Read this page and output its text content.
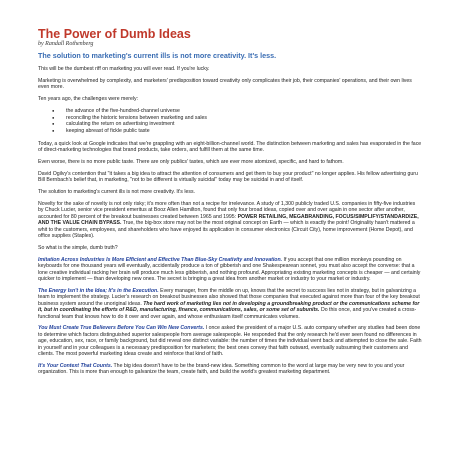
The Power of Dumb Ideas
by Randall Rothenberg
The solution to marketing's current ills is not more creativity. It's less.

This will be the dumbest riff on marketing you will ever read. If you're lucky.

Marketing is overwhelmed by complexity, and marketers' predisposition toward creativity only complicates their job, their companies' operations, and their own lives even more.

Ten years ago, the challenges were merely:

● the advance of the five-hundred-channel universe
● reconciling the historic tensions between marketing and sales
● calculating the return on advertising investment
● keeping abreast of fickle public taste

Today, a quick look at Google indicates that we're grappling with an eight-billion-channel world. The distinction between marketing and sales has evaporated in the face of direct-marketing technologies that brand products, take orders, and fulfill them at the same time.

Even worse, there is no more public taste. There are only publics' tastes, which are ever more atomized, specific, and hard to fathom.

David Ogilvy's contention that "it takes a big idea to attract the attention of consumers and get them to buy your product" no longer applies. His fellow advertising guru Bill Bernbach's belief that, in marketing, "not to be different is virtually suicidal" today may be suicidal in and of itself.

The solution to marketing's current ills is not more creativity. It's less.

Novelty for the sake of novelty is not only risky; it's more often than not a recipe for irrelevance. A study of 1,300 publicly traded U.S. companies in fifty-five industries by Chuck Lucier, senior vice president emeritus at Booz Allen Hamilton, found that only four broad ideas, copied over and over again in one sector after another, accounted for 80 percent of the breakout businesses created between 1965 and 1995: POWER RETAILING, MEGABRANDING, FOCUS/SIMPLIFY/STANDARDIZE, AND THE VALUE CHAIN BYPASS. True, the big-box store may not be the most original concept on Earth — which is exactly the point! Originality hasn't mattered a whit to the customers, employees, and shareholders who have enjoyed its application in consumer electronics (Circuit City), home improvement (Home Depot), and office supplies (Staples).

So what is the simple, dumb truth?

Imitation Across Industries Is More Efficient and Effective Than Blue-Sky Creativity and Innovation. If you accept that one million monkeys pounding on keyboards for one thousand years will eventually, accidentally produce a ton of gibberish and one Shakespearean sonnet, you must also accept the converse: that a lone creative individual racking her brain will produce much less gibberish, and nothing profound. Appropriating existing marketing concepts is cheaper — and certainly quicker to implement — than developing new ones. The secret is bringing a great idea from another market or industry to your market or industry.

The Energy Isn't in the Idea; It's in the Execution. Every manager, from the middle on up, knows that the secret to success lies not in strategy, but in galvanizing a team to implement the strategy. Lucier's research on breakout businesses also showed that those companies that executed against more than four of the key breakout business system around the unoriginal ideas. The hard work of marketing lies not in developing a groundbreaking product or the communications scheme for it, but in coordinating the efforts of R&D, manufacturing, finance, communications, sales, or some set of subunits. Do this once, and you've created a cross-functional team that knows how to do it over and over again, and whose enthusiasm itself communicates volumes.

You Must Create True Believers Before You Can Win New Converts. I once asked the president of a major U.S. auto company whether any studies had been done to determine which factors distinguished superior salespeople from average salespeople. He responded that the only research he'd ever seen found no differences in age, education, sex, race, or family background, but did reveal one distinct variable: the number of times the individual went back and attempted to close the sale. Faith in yourself and in your colleagues is a necessary predisposition for marketers; the best ones convey that faith outward, eventually subsuming their customers and clients. The most powerful marketing ideas create and reinforce that kind of faith.

It's Your Context That Counts. The big idea doesn't have to be the brand-new idea. Something common to the word at large may be very new to you and your organization. This is more than enough to galvanize the team, create faith, and build the world's greatest marketing department.
